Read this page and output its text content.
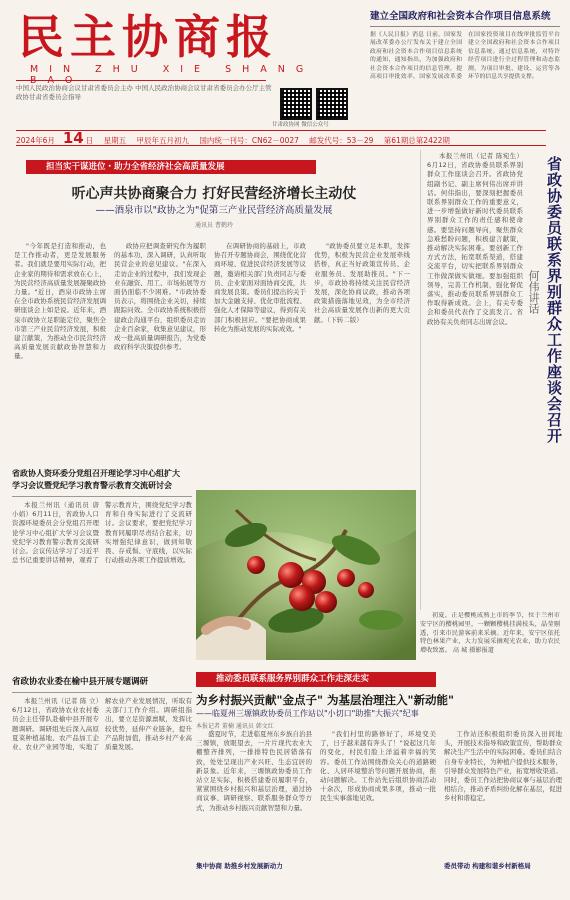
民主协商报
MIN ZHU XIE SHANG
中国人民政治协商会议甘肃省委员会主办 中国人民政治协商会议甘肃省委员会办公厅主管 政协甘肃省委员会指导
甘肃政协网 微信公众号
建立全国政府和社会资本合作项目信息系统
据《人民日报》消息 日前，国家发展改革委办公厅发布关于建立全国政府和社会资本合作项目信息系统的通知，通知指出，为加强政府和社会资本合作项目的信息管理，提高项目审批效率，国家发展改革委在国家投资项目在线审批监管平台建立全国政府和社会资本合作项目信息系统。通过信息系统，对特许经营项目进行全过程管理和动态监测，为项目审批、建设、运营等各环节的信息共享提供支撑。
2024年6月 14 日 星期五 甲辰年五月初九 国内统一刊号：CN62－0027 邮发代号：53－29 第61期总第2422期
担当实干谋进位・助力全省经济社会高质量发展
听心声共协商聚合力 打好民营经济增长主动仗
——酒泉市以"政协之为"促第三产业民营经济高质量发展
通讯员 曹鹤玲
"今年既是打造和推动，也是工作推动者，更是发展服务者。我们就是要用实际行动，把企业家的期待和需求放在心上，为民营经济高质量发展凝聚政协力量。"近日，酒泉市政协主席在全市政协系统民营经济发展调研座谈会上如是说。近年来，酒泉市政协立足职能定位，聚焦全市第三产业民营经济发展，积极建言献策，为推动全市民营经济高质量发展贡献政协智慧和力量。
政协应把调查研究作为履职的基本功，深入调研，认真听取民营企业的意见建议。"在深入走访企业的过程中，我们发现企业在融资、用工、市场拓展等方面仍面临不少困难。"市政协委员表示，将围绕企业关切，持续跟踪问效。全市政协系统积极搭建政企沟通平台，组织委员走访企业百余家，收集意见建议，形成一批高质量调研报告，为党委政府科学决策提供参考。
在调研协商的基础上，市政协召开专题协商会，围绕优化营商环境、促进民营经济发展等议题，邀请相关部门负责同志与委员、企业家面对面协商交流，共商发展良策。委员们提出的关于加大金融支持、优化审批流程、强化人才保障等建议，得到有关部门积极回应。"要把协商成果转化为推动发展的实际成效。"
"政协委员要立足本职，发挥优势，积极为民营企业发展牵线搭桥，真正当好政策宣传员、企业服务员、发展助推员。"下一步，市政协将持续关注民营经济发展，深化协商议政，推动各项政策措施落地见效，为全市经济社会高质量发展作出新的更大贡献。（下转二版）	省政协委员联系界别群众工作座谈会召开
何伟讲话
本报兰州讯（记者 陈宛生）6月12日，省政协委员联系界别群众工作座谈会召开。省政协党组副书记、副主席何伟出席并讲话。何伟指出，要深刻把握委员联系界别群众工作的重要意义，进一步增强做好新时代委员联系界别群众工作的责任感和使命感。要坚持问题导向，聚焦群众急难愁盼问题，积极建言献策，推动解决实际困难。要创新工作方式方法，拓宽联系渠道，搭建交流平台，切实把联系界别群众工作做深做实做细。要加强组织领导，完善工作机制，强化督促落实，推动委员联系界别群众工作取得新成效。会上，有关专委会和委员代表作了交流发言。省政协有关负责同志出席会议。
省政协人资环委分党组召开理论学习中心组扩大
学习会议暨党纪学习教育警示教育交流研讨会
本报兰州讯（通讯员 唐 小娟）6月11日，省政协人口资源环境委员会分党组召开理论学习中心组扩大学习会议暨党纪学习教育警示教育交流研讨会。会议传达学习了习近平总书记重要讲话精神，观看了警示教育片，围绕党纪学习教育和自身实际进行了交流研讨。会议要求，要把党纪学习教育同履职尽责结合起来，切实增强纪律意识，做到知敬畏、存戒惧、守底线，以实际行动推动各项工作提质增效。
初夏，正是樱桃成熟上市的季节，位于兰州市安宁区的樱桃园里，一颗颗樱桃挂满枝头，晶莹剔透，引来市民游客前来采摘。近年来，安宁区依托特色林果产业，大力发展采摘观光农业，助力农民增收致富。 高 城 摄影报道
推动委员联系服务界别群众工作走深走实
省政协农业委在榆中县开展专题调研
本报兰州讯（记者 陈 立）6月12日，省政协农业农村委员会主任带队赴榆中县开展专题调研。调研组先后深入高原夏菜种植基地、农产品加工企业、农业产业园等地，实地了解农业产业发展情况，听取有关部门工作介绍。调研组指出，要立足资源禀赋，发挥比较优势，延伸产业链条，提升产品附加值，推动乡村产业高质量发展。
为乡村振兴贡献"金点子" 为基层治理注入"新动能"
——临夏州三塬镇政协委员工作站以"小切口"助推"大振兴"纪事
本报记者 董楠 通讯员 韩文红
盛夏时节，走进临夏州东乡族自治县三塬镇，放眼望去，一片片现代农业大棚整齐排列，一排排特色民居错落有致，处处呈现出产业兴旺、生态宜居的新景象。近年来，三塬镇政协委员工作站立足实际，积极搭建委员履职平台，紧紧围绕乡村振兴和基层治理，通过协商议事、调研视察、联系服务群众等方式，为推动乡村振兴贡献智慧和力量。
集中协商 助推乡村发展新动力
"我们村里的路修好了，环境变美了，日子越来越有奔头了！"说起这几年的变化，村民们脸上洋溢着幸福的笑容。委员工作站围绕群众关心的道路硬化、人居环境整治等问题开展协商，推动问题解决。工作站先后组织协商活动十余次，形成协商成果多项，推动一批民生实事落地见效。
工作站还积极组织委员深入田间地头，开展技术指导和政策宣传，帮助群众解决生产生活中的实际困难。委员们结合自身专业特长，为种植户提供技术服务，引导群众发展特色产业，拓宽增收渠道。同时，委员工作站把协商议事与基层治理相结合，推动矛盾纠纷化解在基层，促进乡村和谐稳定。
委员带动 构建和谐乡村新格局
